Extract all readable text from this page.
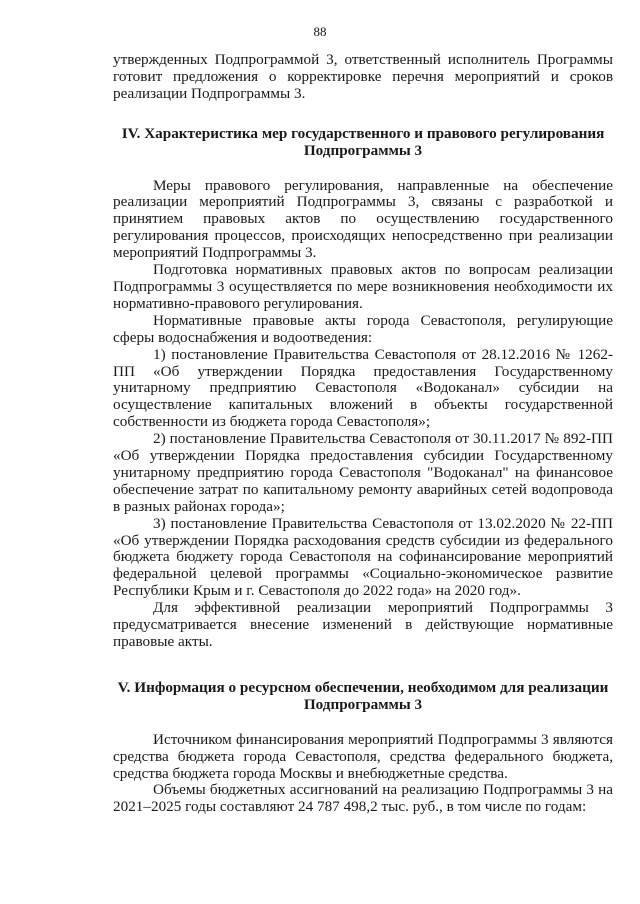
88

утвержденных Подпрограммой 3, ответственный исполнитель Программы готовит предложения о корректировке перечня мероприятий и сроков реализации Подпрограммы 3.

IV. Характеристика мер государственного и правового регулирования Подпрограммы 3

Меры правового регулирования, направленные на обеспечение реализации мероприятий Подпрограммы 3, связаны с разработкой и принятием правовых актов по осуществлению государственного регулирования процессов, происходящих непосредственно при реализации мероприятий Подпрограммы 3.

Подготовка нормативных правовых актов по вопросам реализации Подпрограммы 3 осуществляется по мере возникновения необходимости их нормативно-правового регулирования.

Нормативные правовые акты города Севастополя, регулирующие сферы водоснабжения и водоотведения:

1) постановление Правительства Севастополя от 28.12.2016 № 1262-ПП «Об утверждении Порядка предоставления Государственному унитарному предприятию Севастополя «Водоканал» субсидии на осуществление капитальных вложений в объекты государственной собственности из бюджета города Севастополя»;

2) постановление Правительства Севастополя от 30.11.2017 № 892-ПП «Об утверждении Порядка предоставления субсидии Государственному унитарному предприятию города Севастополя "Водоканал" на финансовое обеспечение затрат по капитальному ремонту аварийных сетей водопровода в разных районах города»;

3) постановление Правительства Севастополя от 13.02.2020 № 22-ПП «Об утверждении Порядка расходования средств субсидии из федерального бюджета бюджету города Севастополя на софинансирование мероприятий федеральной целевой программы «Социально-экономическое развитие Республики Крым и г. Севастополя до 2022 года» на 2020 год».

Для эффективной реализации мероприятий Подпрограммы 3 предусматривается внесение изменений в действующие нормативные правовые акты.

V. Информация о ресурсном обеспечении, необходимом для реализации Подпрограммы 3

Источником финансирования мероприятий Подпрограммы 3 являются средства бюджета города Севастополя, средства федерального бюджета, средства бюджета города Москвы и внебюджетные средства.

Объемы бюджетных ассигнований на реализацию Подпрограммы 3 на 2021–2025 годы составляют 24 787 498,2 тыс. руб., в том числе по годам:
